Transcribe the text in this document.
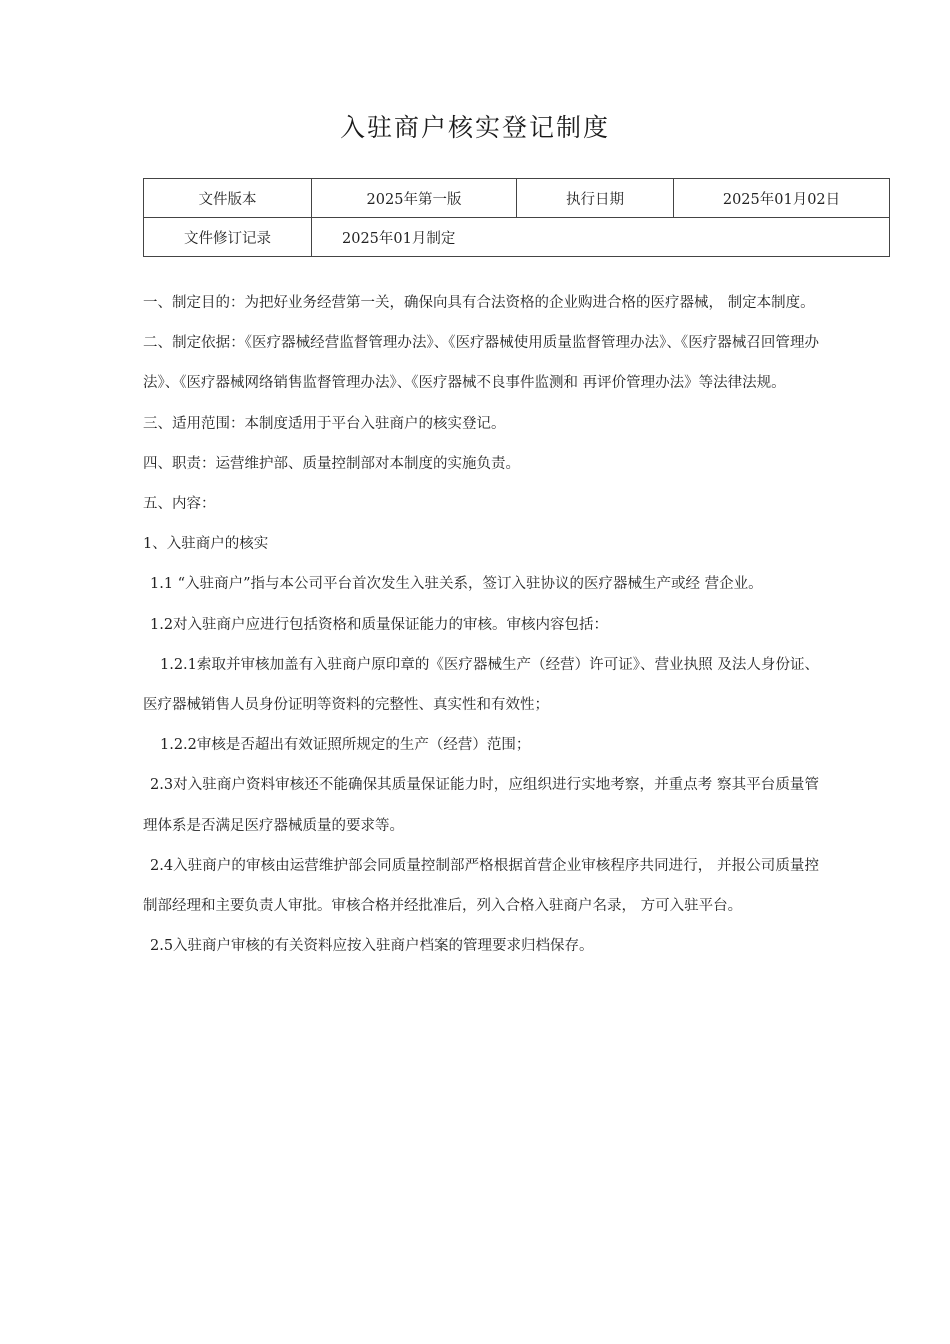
入驻商户核实登记制度
文件版本	2025年第一版	执行日期	2025年01月02日
文件修订记录	2025年01月制定		

一、制定目的：为把好业务经营第一关，确保向具有合法资格的企业购进合格的医疗器械， 制定本制度。

二、制定依据：《医疗器械经营监督管理办法》、《医疗器械使用质量监督管理办法》、《医疗器械召回管理办法》、《医疗器械网络销售监督管理办法》、《医疗器械不良事件监测和 再评价管理办法》等法律法规。

三、适用范围：本制度适用于平台入驻商户的核实登记。

四、职责：运营维护部、质量控制部对本制度的实施负责。

五、内容：

1、入驻商户的核实

1.1 “入驻商户”指与本公司平台首次发生入驻关系，签订入驻协议的医疗器械生产或经 营企业。

1.2对入驻商户应进行包括资格和质量保证能力的审核。审核内容包括：

1.2.1索取并审核加盖有入驻商户原印章的《医疗器械生产（经营）许可证》、营业执照 及法人身份证、医疗器械销售人员身份证明等资料的完整性、真实性和有效性；

1.2.2审核是否超出有效证照所规定的生产（经营）范围；

2.3对入驻商户资料审核还不能确保其质量保证能力时，应组织进行实地考察，并重点考 察其平台质量管理体系是否满足医疗器械质量的要求等。

2.4入驻商户的审核由运营维护部会同质量控制部严格根据首营企业审核程序共同进行， 并报公司质量控制部经理和主要负责人审批。审核合格并经批准后，列入合格入驻商户名录， 方可入驻平台。

2.5入驻商户审核的有关资料应按入驻商户档案的管理要求归档保存。
